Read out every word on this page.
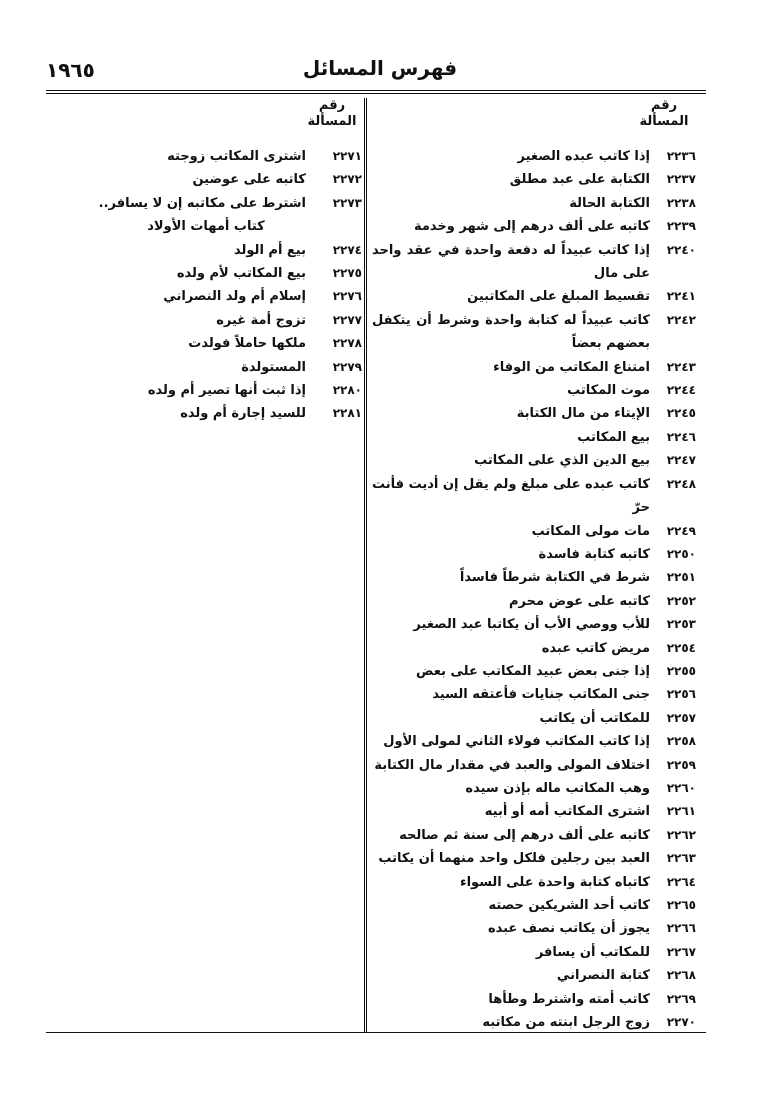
فهرس المسائل
١٩٦٥
رقم المسألة
رقم المسألة
٢٢٣٦
إذا كاتب عبده الصغير
٢٢٣٧
الكتابة على عبد مطلق
٢٢٣٨
الكتابة الحالة
٢٢٣٩
كاتبه على ألف درهم إلى شهر وخدمة
٢٢٤٠
إذا كاتب عبيداً له دفعة واحدة في عقد واحد على مال
٢٢٤١
تقسيط المبلغ على المكاتبين
٢٢٤٢
كاتب عبيداً له كتابة واحدة وشرط أن يتكفل بعضهم بعضاً
٢٢٤٣
امتناع المكاتب من الوفاء
٢٢٤٤
موت المكاتب
٢٢٤٥
الإيتاء من مال الكتابة
٢٢٤٦
بيع المكاتب
٢٢٤٧
بيع الدين الذي على المكاتب
٢٢٤٨
كاتب عبده على مبلغ ولم يقل إن أديت فأنت حرّ
٢٢٤٩
مات مولى المكاتب
٢٢٥٠
كاتبه كتابة فاسدة
٢٢٥١
شرط في الكتابة شرطاً فاسداً
٢٢٥٢
كاتبه على عوض محرم
٢٢٥٣
للأب ووصي الأب أن يكاتبا عبد الصغير
٢٢٥٤
مريض كاتب عبده
٢٢٥٥
إذا جنى بعض عبيد المكاتب على بعض
٢٢٥٦
جنى المكاتب جنايات فأعتقه السيد
٢٢٥٧
للمكاتب أن يكاتب
٢٢٥٨
إذا كاتب المكاتب فولاء الثاني لمولى الأول
٢٢٥٩
اختلاف المولى والعبد في مقدار مال الكتابة
٢٢٦٠
وهب المكاتب ماله بإذن سيده
٢٢٦١
اشترى المكاتب أمه أو أبيه
٢٢٦٢
كاتبه على ألف درهم إلى سنة ثم صالحه
٢٢٦٣
العبد بين رجلين فلكل واحد منهما أن يكاتب
٢٢٦٤
كاتباه كتابة واحدة على السواء
٢٢٦٥
كاتب أحد الشريكين حصته
٢٢٦٦
يجوز أن يكاتب نصف عبده
٢٢٦٧
للمكاتب أن يسافر
٢٢٦٨
كتابة النصراني
٢٢٦٩
كاتب أمته واشترط وطأها
٢٢٧٠
زوج الرجل ابنته من مكاتبه
٢٢٧١
اشترى المكاتب زوجته
٢٢٧٢
كاتبه على عوضين
٢٢٧٣
اشترط على مكاتبه إن لا يسافر..
كتاب أمهات الأولاد
٢٢٧٤
بيع أم الولد
٢٢٧٥
بيع المكاتب لأم ولده
٢٢٧٦
إسلام أم ولد النصراني
٢٢٧٧
تزوج أمة غيره
٢٢٧٨
ملكها حاملاً فولدت
٢٢٧٩
المستولدة
٢٢٨٠
إذا ثبت أنها تصير أم ولده
٢٢٨١
للسيد إجارة أم ولده
